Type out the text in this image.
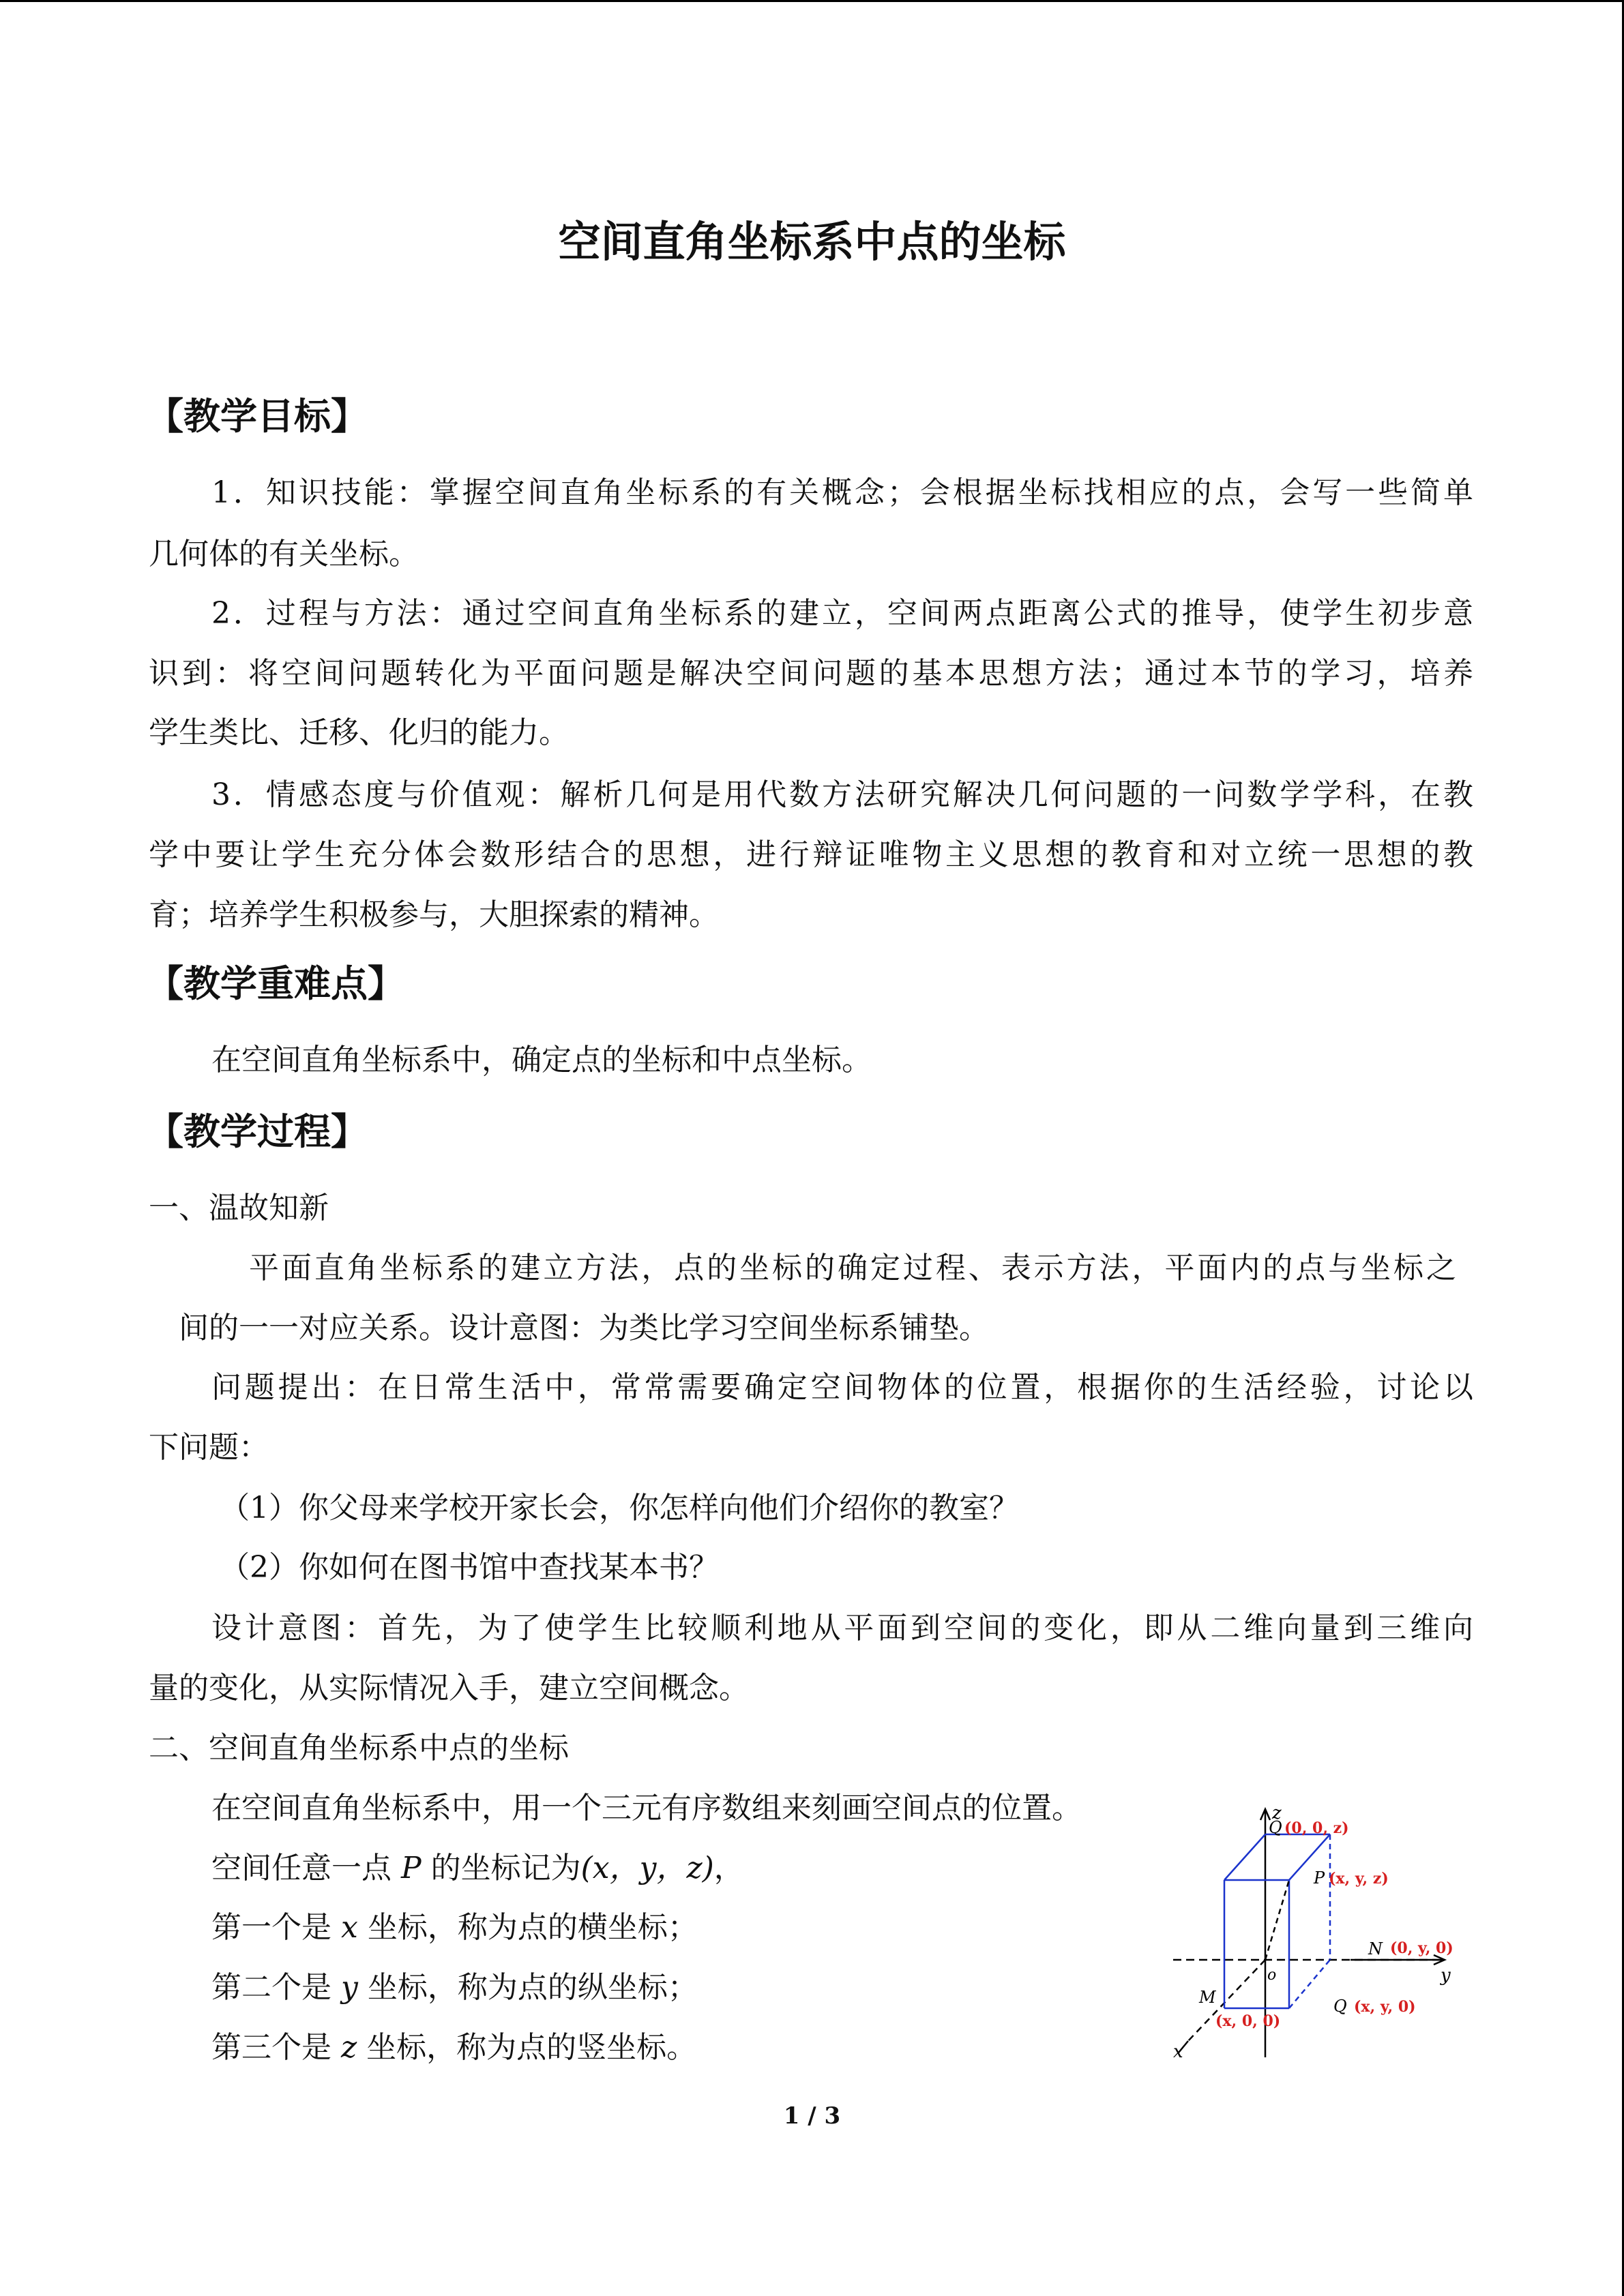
空间直角坐标系中点的坐标
【教学目标】
1．知识技能：掌握空间直角坐标系的有关概念；会根据坐标找相应的点，会写一些简单
几何体的有关坐标。
2．过程与方法：通过空间直角坐标系的建立，空间两点距离公式的推导，使学生初步意
识到：将空间问题转化为平面问题是解决空间问题的基本思想方法；通过本节的学习，培养
学生类比、迁移、化归的能力。
3．情感态度与价值观：解析几何是用代数方法研究解决几何问题的一问数学学科，在教
学中要让学生充分体会数形结合的思想，进行辩证唯物主义思想的教育和对立统一思想的教
育；培养学生积极参与，大胆探索的精神。
【教学重难点】
在空间直角坐标系中，确定点的坐标和中点坐标。
【教学过程】
一、温故知新
平面直角坐标系的建立方法，点的坐标的确定过程、表示方法，平面内的点与坐标之
间的一一对应关系。设计意图：为类比学习空间坐标系铺垫。
问题提出：在日常生活中，常常需要确定空间物体的位置，根据你的生活经验，讨论以
下问题：
（1）你父母来学校开家长会，你怎样向他们介绍你的教室？
（2）你如何在图书馆中查找某本书？
设计意图：首先，为了使学生比较顺利地从平面到空间的变化，即从二维向量到三维向
量的变化，从实际情况入手，建立空间概念。
二、空间直角坐标系中点的坐标
在空间直角坐标系中，用一个三元有序数组来刻画空间点的位置。
空间任意一点 P 的坐标记为(x，y，z)，
第一个是 x 坐标，称为点的横坐标；
第二个是 y 坐标，称为点的纵坐标；
第三个是 z 坐标，称为点的竖坐标。
z
y
x
o
Q
P
N
M	Q
(0, 0, z)
(x, y, z)
(0, y, 0)
(x, 0, 0)
(x, y, 0)
1 / 3
